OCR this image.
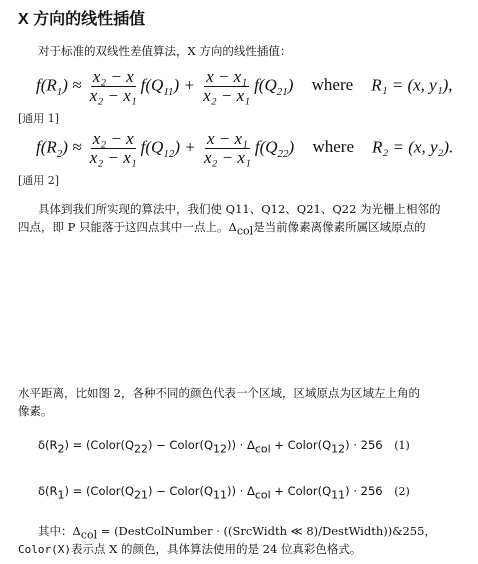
X 方向的线性插值
对于标准的双线性差值算法，X 方向的线性插值：
$f(R_1) \approx \frac{\text{x₂ − x}}{\text{x₂ − x₁}} f(Q_{11}) + \frac{\text{x − x₁}}{\text{x₂ − x₁}} f(Q_{21})$ where R₁ = (x, y₁),
[通用 1]
$f(R_2) \approx \frac{\text{x₂ − x}}{\text{x₂ − x₁}} f(Q_{12}) + \frac{\text{x − x₁}}{\text{x₂ − x₁}} f(Q_{22})$ where R₂ = (x, y₂).
[通用 2]
具体到我们所实现的算法中，我们使 Q11、Q12、Q21、Q22 为光栅上相邻的
四点，即 P 只能落于这四点其中一点上。$\Delta_{col}$是当前像素离像素所属区域原点的
水平距离，比如图 2，各种不同的颜色代表一个区域，区域原点为区域左上角的
像素。
$\delta(R_2)$ = ($Color(Q_{22})$ − $Color(Q_{12})) \cdot \Delta_{col}$ + $Color(Q_{12}) \cdot 256$ (1)
$\delta(R_1)$ = ($Color(Q_{21})$ − $Color(Q_{11})) \cdot \Delta_{col}$ + $Color(Q_{11}) \cdot 256$ (2)
其中：$\Delta_{col}$ = (DestColNumber · ((SrcWidth ≪ 8)/DestWidth))&255，
Color(X)表示点 X 的颜色，具体算法使用的是 24 位真彩色格式。
